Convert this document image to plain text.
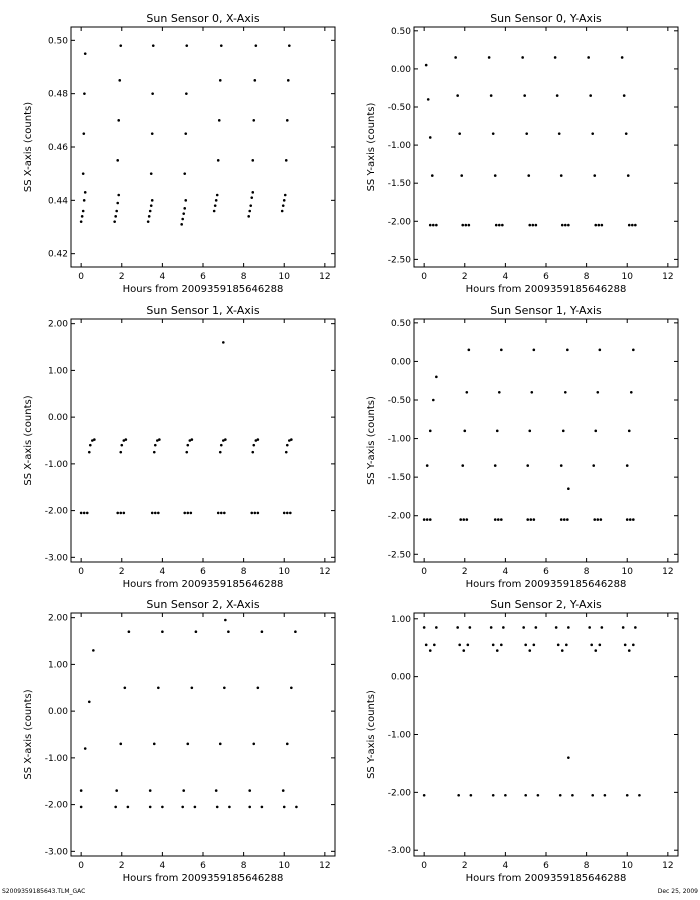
Sun Sensor 0, X-Axis
0	2	4	6	8	10	12
0.42
0.44
0.46
0.48
0.50
Hours from 2009359185646288
SS X-axis (counts)
Sun Sensor 0, Y-Axis
0	2	4	6	8	10	12
-2.50
-2.00
-1.50
-1.00
-0.50
0.00
0.50
Hours from 2009359185646288
SS Y-axis (counts)
Sun Sensor 1, X-Axis
0	2	4	6	8	10	12
-3.00
-2.00
-1.00
0.00
1.00
2.00
Hours from 2009359185646288
SS X-axis (counts)
Sun Sensor 1, Y-Axis
0	2	4	6	8	10	12
-2.50
-2.00
-1.50
-1.00
-0.50
0.00
0.50
Hours from 2009359185646288
SS Y-axis (counts)
Sun Sensor 2, X-Axis
0	2	4	6	8	10	12
-3.00
-2.00
-1.00
0.00
1.00
2.00
Hours from 2009359185646288
SS X-axis (counts)
Sun Sensor 2, Y-Axis
0	2	4	6	8	10	12
-3.00
-2.00
-1.00
0.00
1.00
Hours from 2009359185646288
SS Y-axis (counts)
S2009359185643.TLM_GAC	Dec 25, 2009
